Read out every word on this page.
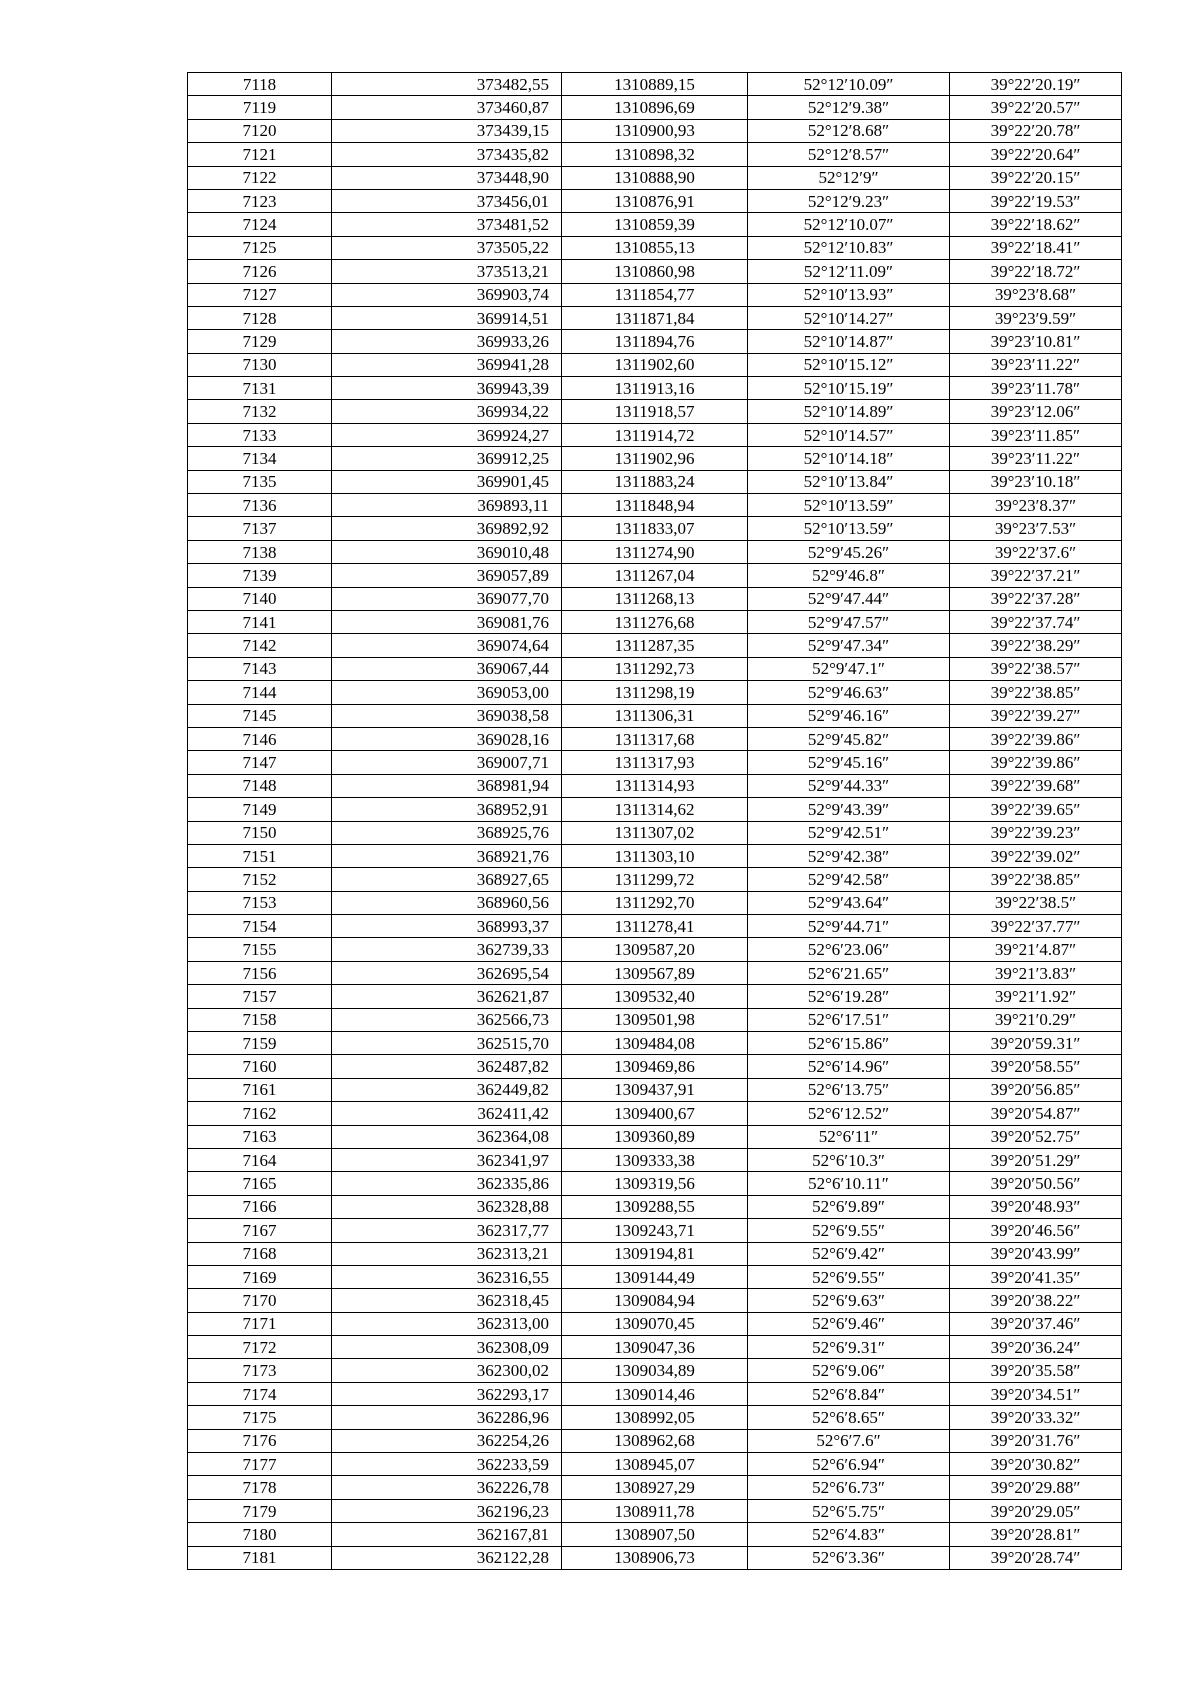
7118	373482,55	1310889,15	52°12′10.09″	39°22′20.19″
7119	373460,87	1310896,69	52°12′9.38″	39°22′20.57″
7120	373439,15	1310900,93	52°12′8.68″	39°22′20.78″
7121	373435,82	1310898,32	52°12′8.57″	39°22′20.64″
7122	373448,90	1310888,90	52°12′9″	39°22′20.15″
7123	373456,01	1310876,91	52°12′9.23″	39°22′19.53″
7124	373481,52	1310859,39	52°12′10.07″	39°22′18.62″
7125	373505,22	1310855,13	52°12′10.83″	39°22′18.41″
7126	373513,21	1310860,98	52°12′11.09″	39°22′18.72″
7127	369903,74	1311854,77	52°10′13.93″	39°23′8.68″
7128	369914,51	1311871,84	52°10′14.27″	39°23′9.59″
7129	369933,26	1311894,76	52°10′14.87″	39°23′10.81″
7130	369941,28	1311902,60	52°10′15.12″	39°23′11.22″
7131	369943,39	1311913,16	52°10′15.19″	39°23′11.78″
7132	369934,22	1311918,57	52°10′14.89″	39°23′12.06″
7133	369924,27	1311914,72	52°10′14.57″	39°23′11.85″
7134	369912,25	1311902,96	52°10′14.18″	39°23′11.22″
7135	369901,45	1311883,24	52°10′13.84″	39°23′10.18″
7136	369893,11	1311848,94	52°10′13.59″	39°23′8.37″
7137	369892,92	1311833,07	52°10′13.59″	39°23′7.53″
7138	369010,48	1311274,90	52°9′45.26″	39°22′37.6″
7139	369057,89	1311267,04	52°9′46.8″	39°22′37.21″
7140	369077,70	1311268,13	52°9′47.44″	39°22′37.28″
7141	369081,76	1311276,68	52°9′47.57″	39°22′37.74″
7142	369074,64	1311287,35	52°9′47.34″	39°22′38.29″
7143	369067,44	1311292,73	52°9′47.1″	39°22′38.57″
7144	369053,00	1311298,19	52°9′46.63″	39°22′38.85″
7145	369038,58	1311306,31	52°9′46.16″	39°22′39.27″
7146	369028,16	1311317,68	52°9′45.82″	39°22′39.86″
7147	369007,71	1311317,93	52°9′45.16″	39°22′39.86″
7148	368981,94	1311314,93	52°9′44.33″	39°22′39.68″
7149	368952,91	1311314,62	52°9′43.39″	39°22′39.65″
7150	368925,76	1311307,02	52°9′42.51″	39°22′39.23″
7151	368921,76	1311303,10	52°9′42.38″	39°22′39.02″
7152	368927,65	1311299,72	52°9′42.58″	39°22′38.85″
7153	368960,56	1311292,70	52°9′43.64″	39°22′38.5″
7154	368993,37	1311278,41	52°9′44.71″	39°22′37.77″
7155	362739,33	1309587,20	52°6′23.06″	39°21′4.87″
7156	362695,54	1309567,89	52°6′21.65″	39°21′3.83″
7157	362621,87	1309532,40	52°6′19.28″	39°21′1.92″
7158	362566,73	1309501,98	52°6′17.51″	39°21′0.29″
7159	362515,70	1309484,08	52°6′15.86″	39°20′59.31″
7160	362487,82	1309469,86	52°6′14.96″	39°20′58.55″
7161	362449,82	1309437,91	52°6′13.75″	39°20′56.85″
7162	362411,42	1309400,67	52°6′12.52″	39°20′54.87″
7163	362364,08	1309360,89	52°6′11″	39°20′52.75″
7164	362341,97	1309333,38	52°6′10.3″	39°20′51.29″
7165	362335,86	1309319,56	52°6′10.11″	39°20′50.56″
7166	362328,88	1309288,55	52°6′9.89″	39°20′48.93″
7167	362317,77	1309243,71	52°6′9.55″	39°20′46.56″
7168	362313,21	1309194,81	52°6′9.42″	39°20′43.99″
7169	362316,55	1309144,49	52°6′9.55″	39°20′41.35″
7170	362318,45	1309084,94	52°6′9.63″	39°20′38.22″
7171	362313,00	1309070,45	52°6′9.46″	39°20′37.46″
7172	362308,09	1309047,36	52°6′9.31″	39°20′36.24″
7173	362300,02	1309034,89	52°6′9.06″	39°20′35.58″
7174	362293,17	1309014,46	52°6′8.84″	39°20′34.51″
7175	362286,96	1308992,05	52°6′8.65″	39°20′33.32″
7176	362254,26	1308962,68	52°6′7.6″	39°20′31.76″
7177	362233,59	1308945,07	52°6′6.94″	39°20′30.82″
7178	362226,78	1308927,29	52°6′6.73″	39°20′29.88″
7179	362196,23	1308911,78	52°6′5.75″	39°20′29.05″
7180	362167,81	1308907,50	52°6′4.83″	39°20′28.81″
7181	362122,28	1308906,73	52°6′3.36″	39°20′28.74″
